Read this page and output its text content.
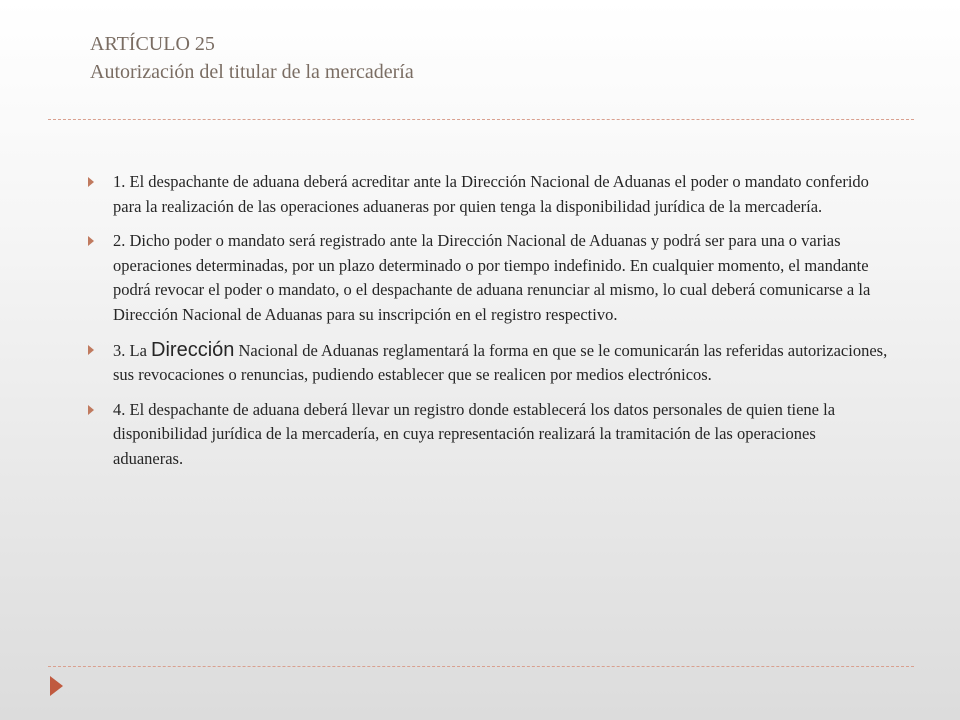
ARTÍCULO 25
Autorización del titular de la mercadería
1. El despachante de aduana deberá acreditar ante la Dirección Nacional de Aduanas el poder o mandato conferido para la realización de las operaciones aduaneras por quien tenga la disponibilidad jurídica de la mercadería.
2. Dicho poder o mandato será registrado ante la Dirección Nacional de Aduanas y podrá ser para una o varias operaciones determinadas, por un plazo determinado o por tiempo indefinido. En cualquier momento, el mandante podrá revocar el poder o mandato, o el despachante de aduana renunciar al mismo, lo cual deberá comunicarse a la Dirección Nacional de Aduanas para su inscripción en el registro respectivo.
3. La Dirección Nacional de Aduanas reglamentará la forma en que se le comunicarán las referidas autorizaciones, sus revocaciones o renuncias, pudiendo establecer que se realicen por medios electrónicos.
4. El despachante de aduana deberá llevar un registro donde establecerá los datos personales de quien tiene la disponibilidad jurídica de la mercadería, en cuya representación realizará la tramitación de las operaciones aduaneras.
